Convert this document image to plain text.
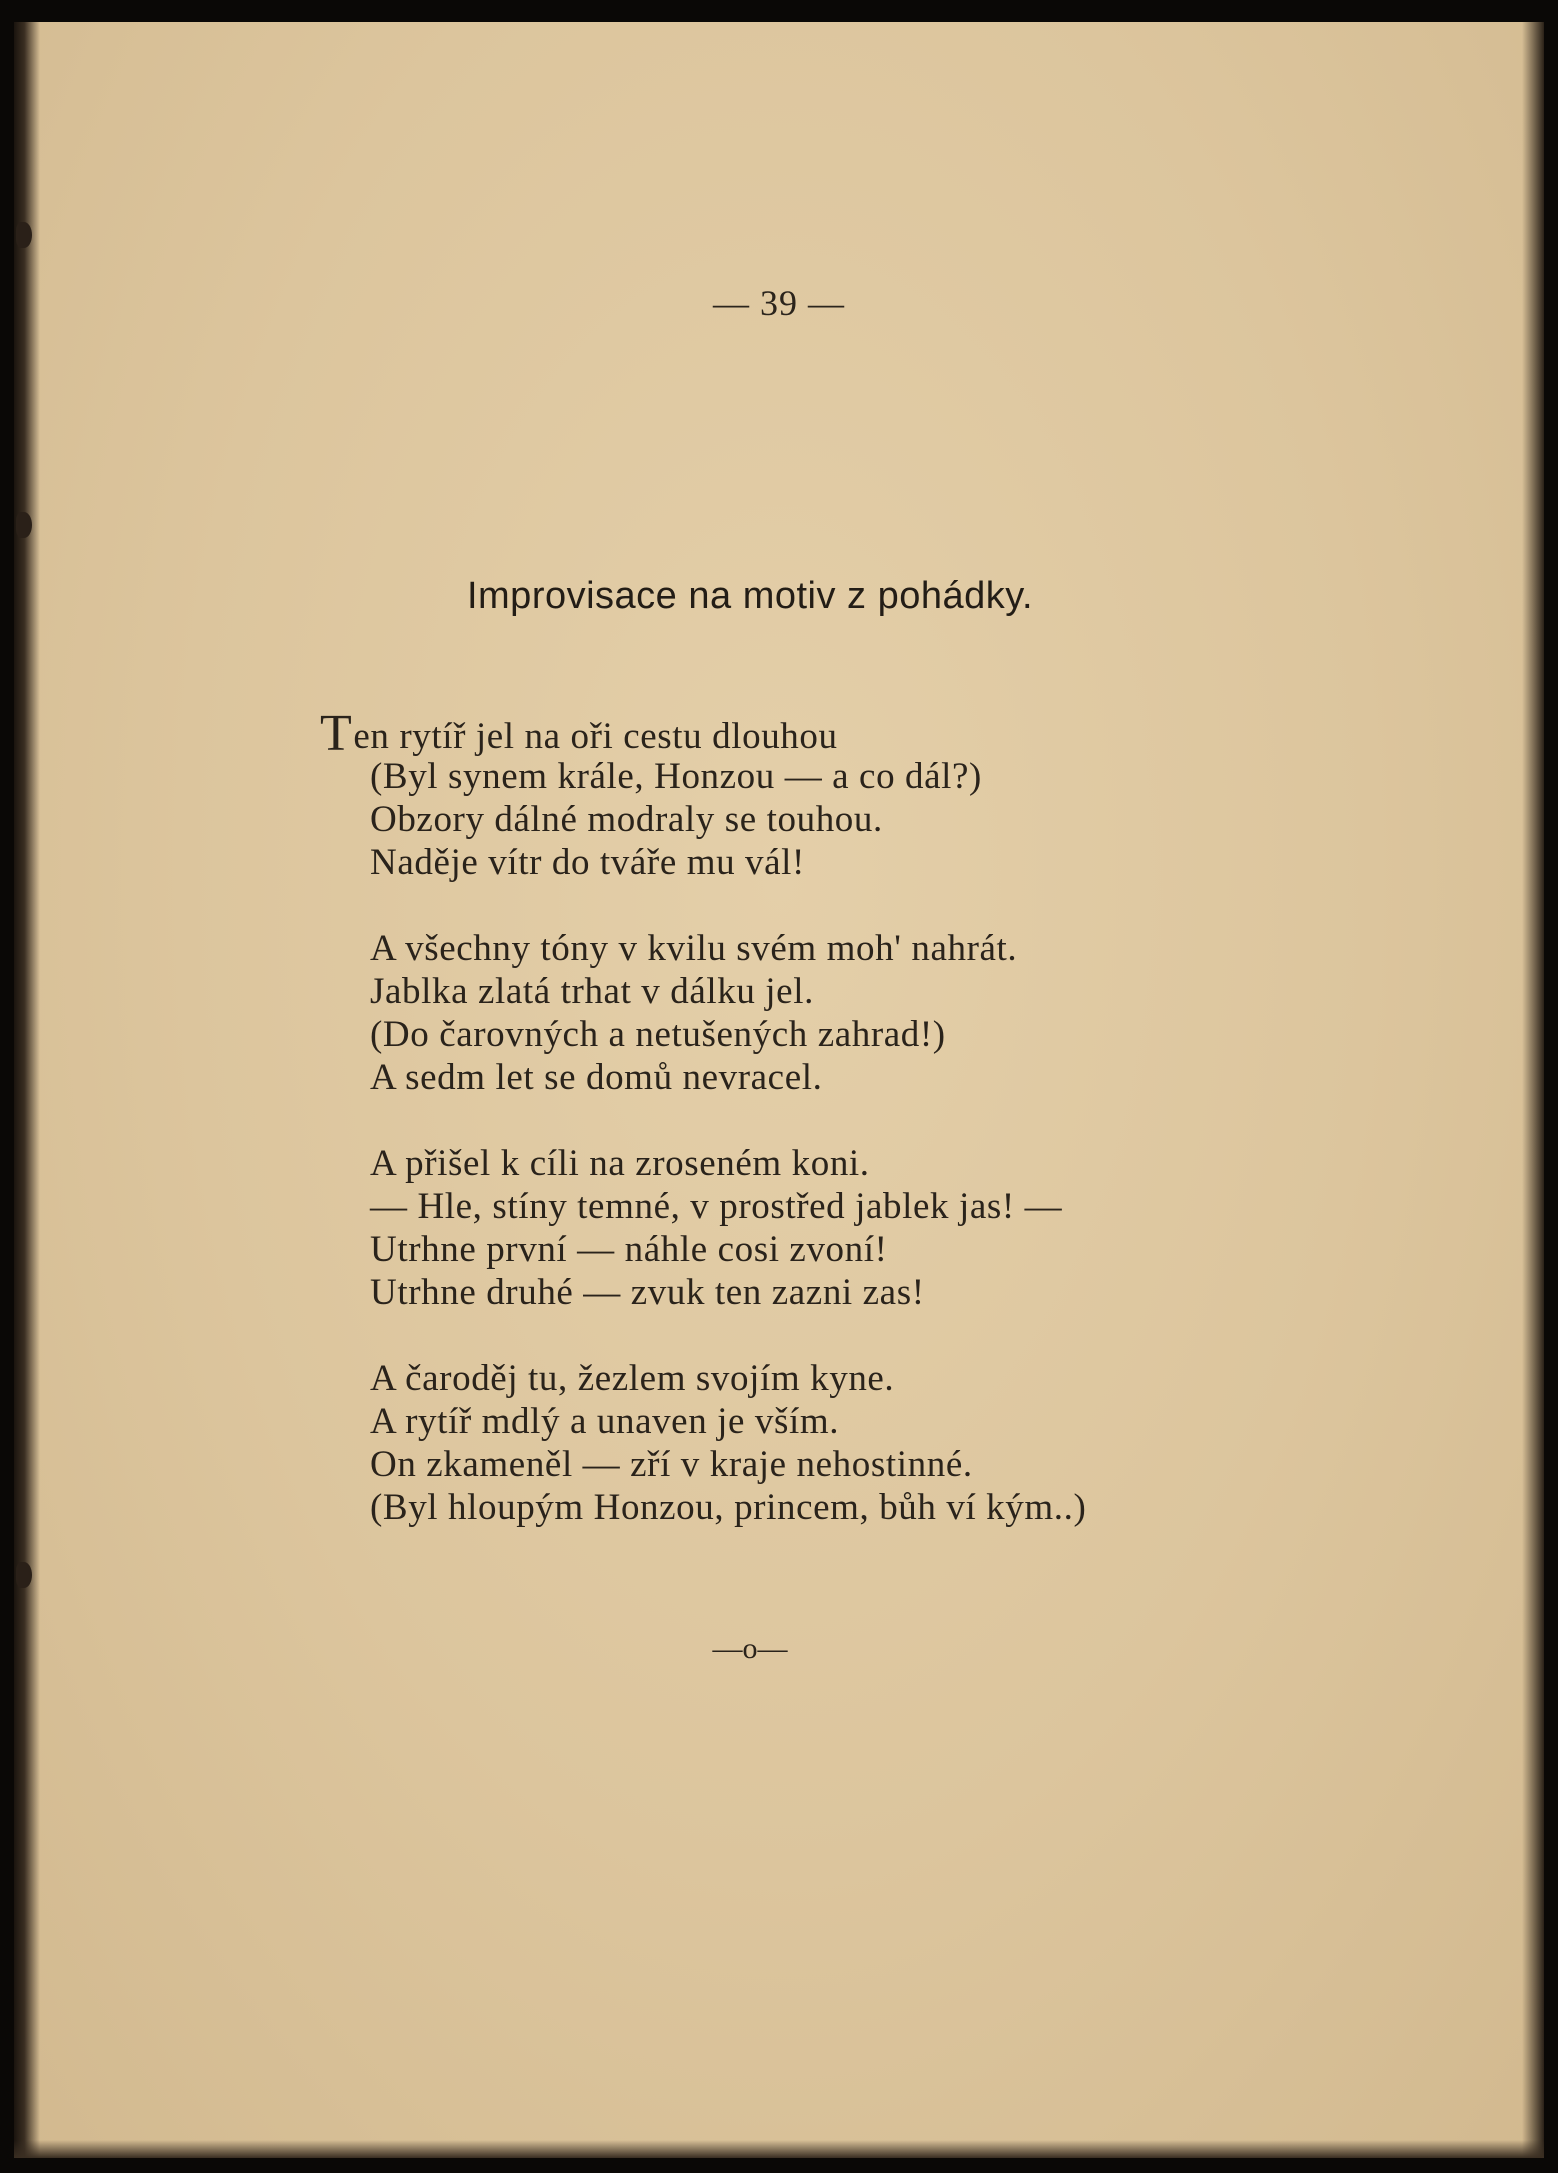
— 39 —
Improvisace na motiv z pohádky.
Ten rytíř jel na oři cestu dlouhou
(Byl synem krále, Honzou — a co dál?)
Obzory dálné modraly se touhou.
Naděje vítr do tváře mu vál!
A všechny tóny v kvilu svém moh' nahrát.
Jablka zlatá trhat v dálku jel.
(Do čarovných a netušených zahrad!)
A sedm let se domů nevracel.
A přišel k cíli na zroseném koni.
— Hle, stíny temné, v prostřed jablek jas! —
Utrhne první — náhle cosi zvoní!
Utrhne druhé — zvuk ten zazni zas!
A čaroděj tu, žezlem svojím kyne.
A rytíř mdlý a unaven je vším.
On zkameněl — zří v kraje nehostinné.
(Byl hloupým Honzou, princem, bůh ví kým..)
—o—
